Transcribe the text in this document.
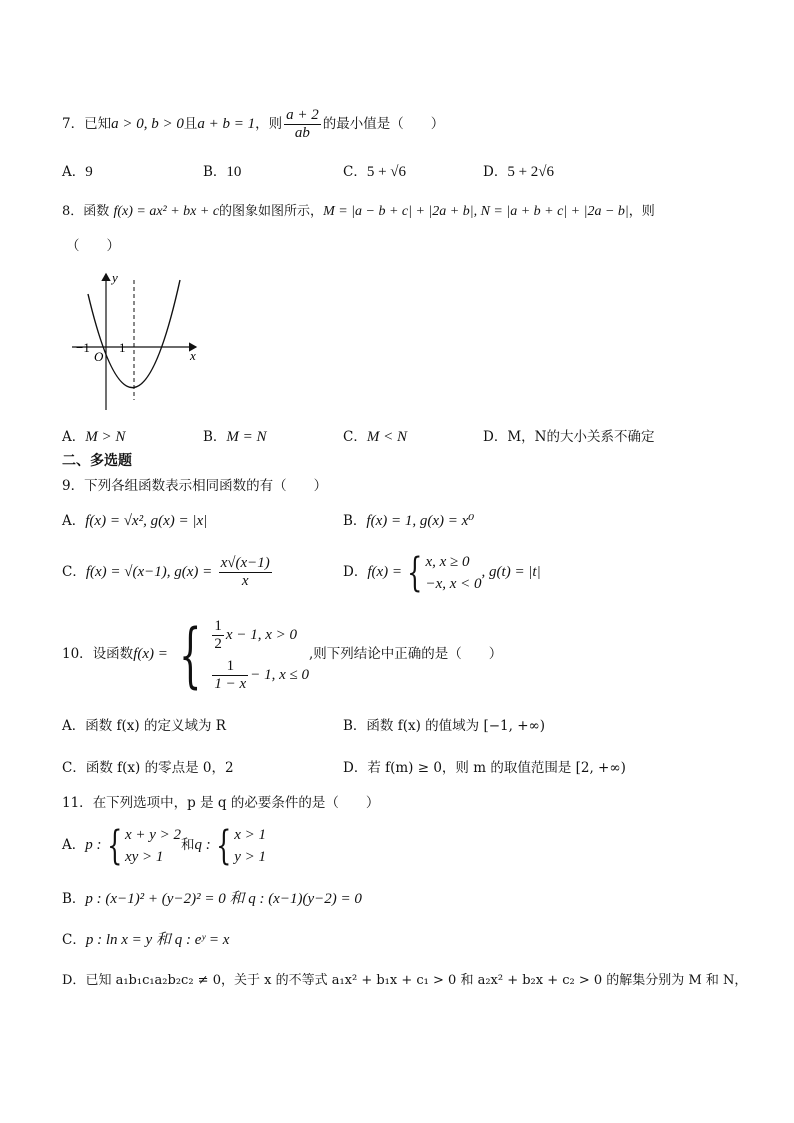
7．已知a > 0, b > 0且a + b = 1，则 $\frac{a + 2}{ab}$ 的最小值是（　　）
A．9	B．10	C．5 + √6	D．5 + 2√6
8．函数 f(x) = ax² + bx + c的图象如图所示，M = |a − b + c| + |2a + b|, N = |a + b + c| + |2a − b|，则
（　　）
y
x
O
−1 1
A．M > N	B．M = N	C．M < N	D．M，N的大小关系不确定
二、多选题
9．下列各组函数表示相同函数的有（　　）
A．f(x) = √x², g(x) = |x|	B．f(x) = 1, g(x) = x⁰
C．f(x) = √(x−1), $g(x) = \frac{x√(x-1)}{x}$	D．f(x) = { x, x ≥ 0
−x, x < 0
, g(t) = |t|
10．设函数f(x) = { $\frac{1}{2}$ x − 1, x > 0
$\frac{1}{1 - x} - 1$, x ≤ 0
,则下列结论中正确的是（　　）
A．函数 f(x) 的定义域为 R	B．函数 f(x) 的值域为 [−1, +∞)
C．函数 f(x) 的零点是 0，2	D．若 f(m) ≥ 0，则 m 的取值范围是 [2, +∞)
11．在下列选项中，p 是 q 的必要条件的是（　　）
A．p : { x + y > 2
xy > 1
和q : { x > 1
y > 1
B．p : (x−1)² + (y−2)² = 0 和 q : (x−1)(y−2) = 0
C．p : ln x = y 和 q : eʸ = x
D．已知 a₁b₁c₁a₂b₂c₂ ≠ 0，关于 x 的不等式 a₁x² + b₁x + c₁ > 0 和 a₂x² + b₂x + c₂ > 0 的解集分别为 M 和 N，
